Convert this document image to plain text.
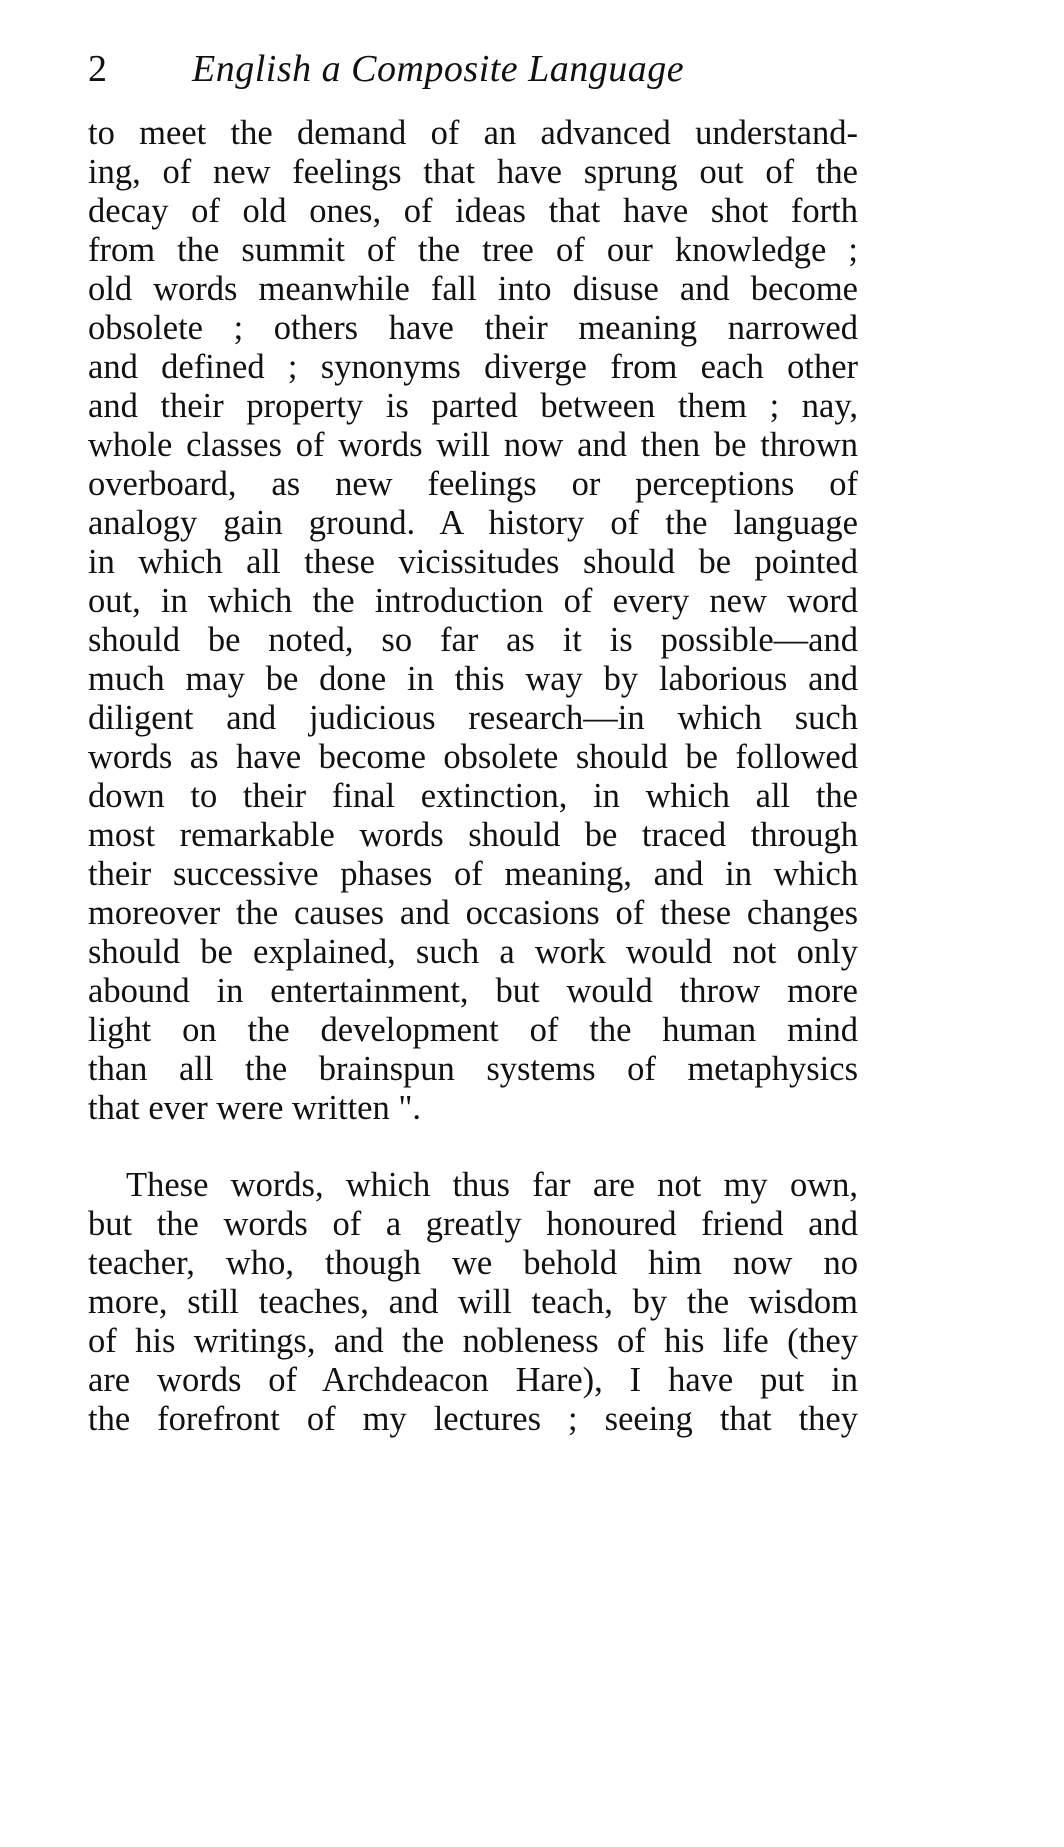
2 English a Composite Language
to meet the demand of an advanced understand-
ing, of new feelings that have sprung out of the
decay of old ones, of ideas that have shot forth
from the summit of the tree of our knowledge ;
old words meanwhile fall into disuse and become
obsolete ; others have their meaning narrowed
and defined ; synonyms diverge from each other
and their property is parted between them ; nay,
whole classes of words will now and then be thrown
overboard, as new feelings or perceptions of
analogy gain ground. A history of the language
in which all these vicissitudes should be pointed
out, in which the introduction of every new word
should be noted, so far as it is possible—and
much may be done in this way by laborious and
diligent and judicious research—in which such
words as have become obsolete should be followed
down to their final extinction, in which all the
most remarkable words should be traced through
their successive phases of meaning, and in which
moreover the causes and occasions of these changes
should be explained, such a work would not only
abound in entertainment, but would throw more
light on the development of the human mind
than all the brainspun systems of metaphysics
that ever were written ".
These words, which thus far are not my own,
but the words of a greatly honoured friend and
teacher, who, though we behold him now no
more, still teaches, and will teach, by the wisdom
of his writings, and the nobleness of his life (they
are words of Archdeacon Hare), I have put in
the forefront of my lectures ; seeing that they
